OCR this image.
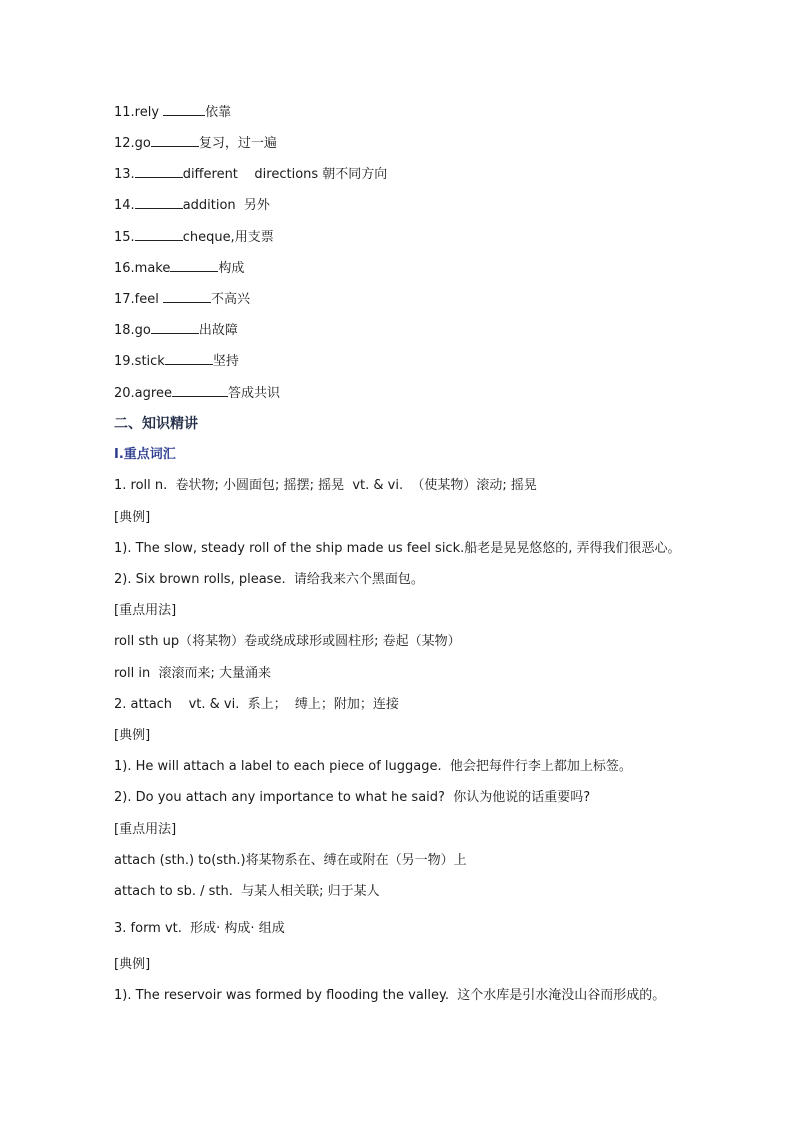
11.rely	依靠
12.go	复习，过一遍
13.	different    directions 朝不同方向
14.	addition  另外
15.	cheque,用支票
16.make	构成
17.feel	不高兴
18.go	出故障
19.stick	坚持
20.agree	答成共识
二、知识精讲
I.重点词汇
1. roll n.  卷状物; 小圆面包; 摇摆; 摇晃  vt. & vi.  （使某物）滚动; 摇晃
[典例]
1). The slow, steady roll of the ship made us feel sick.船老是晃晃悠悠的, 弄得我们很恶心。
2). Six brown rolls, please.  请给我来六个黑面包。
[重点用法]
roll sth up（将某物）卷或绕成球形或圆柱形; 卷起（某物）
roll in  滚滚而来; 大量涌来
2. attach    vt. & vi.  系上；  缚上；附加；连接
[典例]
1). He will attach a label to each piece of luggage.  他会把每件行李上都加上标签。
2). Do you attach any importance to what he said?  你认为他说的话重要吗?
[重点用法]
attach (sth.) to(sth.)将某物系在、缚在或附在（另一物）上
attach to sb. / sth.  与某人相关联; 归于某人
3. form vt.  形成· 构成· 组成
[典例]
1). The reservoir was formed by flooding the valley.  这个水库是引水淹没山谷而形成的。
